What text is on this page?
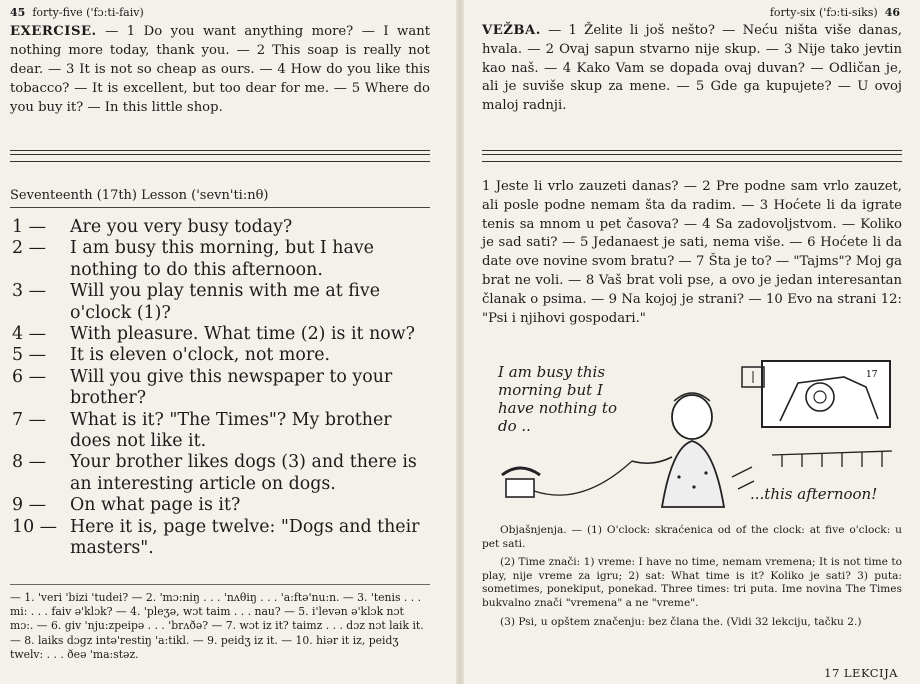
45 forty-five ('fɔ:ti-faiv)
EXERCISE. — 1 Do you want anything more? — I want nothing more today, thank you. — 2 This soap is really not dear. — 3 It is not so cheap as ours. — 4 How do you like this tobacco? — It is excellent, but too dear for me. — 5 Where do you buy it? — In this little shop.
Seventeenth (17th) Lesson ('sevn'ti:nθ)
1 —	Are you very busy today?
2 —	I am busy this morning, but I have nothing to do this afternoon.
3 —	Will you play tennis with me at five o'clock (1)?
4 —	With pleasure. What time (2) is it now?
5 —	It is eleven o'clock, not more.
6 —	Will you give this newspaper to your brother?
7 —	What is it? "The Times"? My brother does not like it.
8 —	Your brother likes dogs (3) and there is an interesting article on dogs.
9 —	On what page is it?
10 — Here it is, page twelve: "Dogs and their masters".
— 1. 'veri 'bizi 'tudei? — 2. 'mɔ:niŋ . . . 'nʌθiŋ . . . 'a:ftə'nu:n. — 3. 'tenis . . . mi: . . . faiv ə'klɔk? — 4. 'pleʒə, wɔt taim . . . nau? — 5. i'levən ə'klɔk nɔt mɔ:. — 6. giv 'nju:zpeipə . . . 'brʌðə? — 7. wɔt iz it? taimz . . . dɔz nɔt laik it. — 8. laiks dɔgz intə'restiŋ 'a:tikl. — 9. peidʒ iz it. — 10. hiər it iz, peidʒ twelv: . . . ðeə 'ma:stəz.
forty-six ('fɔ:ti-siks) 46
VEŽBA. — 1 Želite li još nešto? — Neću ništa više danas, hvala. — 2 Ovaj sapun stvarno nije skup. — 3 Nije tako jevtin kao naš. — 4 Kako Vam se dopada ovaj duvan? — Odličan je, ali je suviše skup za mene. — 5 Gde ga kupujete? — U ovoj maloj radnji.
1 Jeste li vrlo zauzeti danas? — 2 Pre podne sam vrlo zauzet, ali posle podne nemam šta da radim. — 3 Hoćete li da igrate tenis sa mnom u pet časova? — 4 Sa zadovoljstvom. — Koliko je sad sati? — 5 Jedanaest je sati, nema više. — 6 Hoćete li da date ove novine svom bratu? — 7 Šta je to? — "Tajms"? Moj ga brat ne voli. — 8 Vaš brat voli pse, a ovo je jedan interesantan članak o psima. — 9 Na kojoj je strani? — 10 Evo na strani 12: "Psi i njihovi gospodari."
17
I am busy this morning but I have nothing to do ..
...this afternoon!

Objašnjenja. — (1) O'clock: skraćenica od of the clock: at five o'clock: u pet sati.

(2) Time znači: 1) vreme: I have no time, nemam vremena; It is not time to play, nije vreme za igru; 2) sat: What time is it? Koliko je sati? 3) puta: sometimes, ponekiput, ponekad. Three times: tri puta. Ime novina The Times bukvalno znači "vremena" a ne "vreme".

(3) Psi, u opštem značenju: bez člana the. (Vidi 32 lekciju, tačku 2.)

17 LEKCIJA
